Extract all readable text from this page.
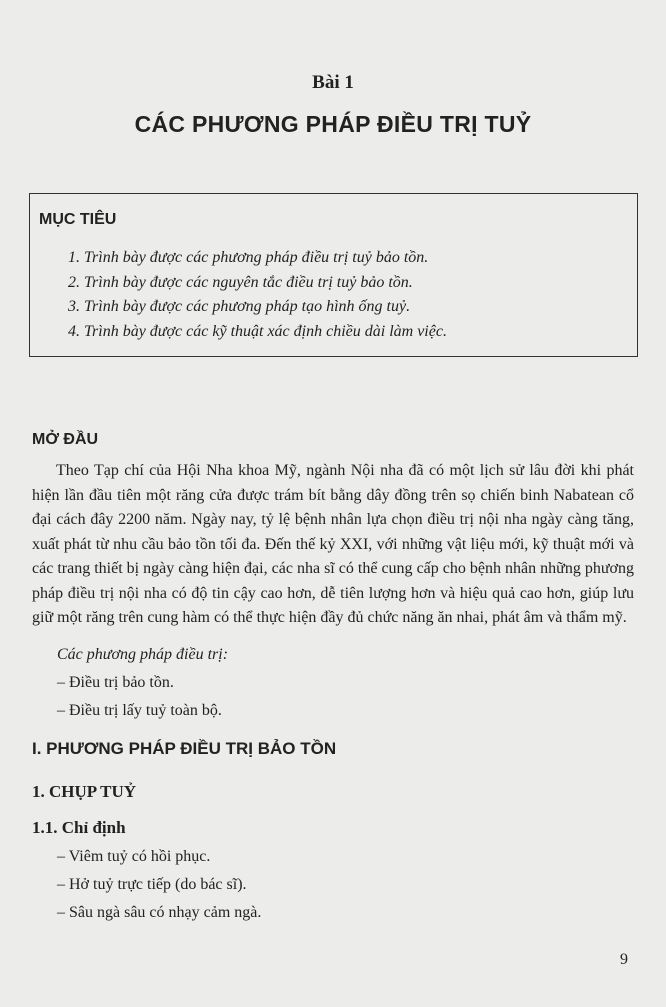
Bài 1
CÁC PHƯƠNG PHÁP ĐIỀU TRỊ TUỶ
MỤC TIÊU
1. Trình bày được các phương pháp điều trị tuỷ bảo tồn.
2. Trình bày được các nguyên tắc điều trị tuỷ bảo tồn.
3. Trình bày được các phương pháp tạo hình ống tuỷ.
4. Trình bày được các kỹ thuật xác định chiều dài làm việc.
MỞ ĐẦU

Theo Tạp chí của Hội Nha khoa Mỹ, ngành Nội nha đã có một lịch sử lâu đời khi phát hiện lần đầu tiên một răng cửa được trám bít bằng dây đồng trên sọ chiến binh Nabatean cổ đại cách đây 2200 năm. Ngày nay, tỷ lệ bệnh nhân lựa chọn điều trị nội nha ngày càng tăng, xuất phát từ nhu cầu bảo tồn tối đa. Đến thế kỷ XXI, với những vật liệu mới, kỹ thuật mới và các trang thiết bị ngày càng hiện đại, các nha sĩ có thể cung cấp cho bệnh nhân những phương pháp điều trị nội nha có độ tin cậy cao hơn, dễ tiên lượng hơn và hiệu quả cao hơn, giúp lưu giữ một răng trên cung hàm có thể thực hiện đầy đủ chức năng ăn nhai, phát âm và thẩm mỹ.

Các phương pháp điều trị:
– Điều trị bảo tồn.
– Điều trị lấy tuỷ toàn bộ.
I. PHƯƠNG PHÁP ĐIỀU TRỊ BẢO TỒN
1. CHỤP TUỶ
1.1. Chỉ định
– Viêm tuỷ có hồi phục.
– Hở tuỷ trực tiếp (do bác sĩ).
– Sâu ngà sâu có nhạy cảm ngà.
9
